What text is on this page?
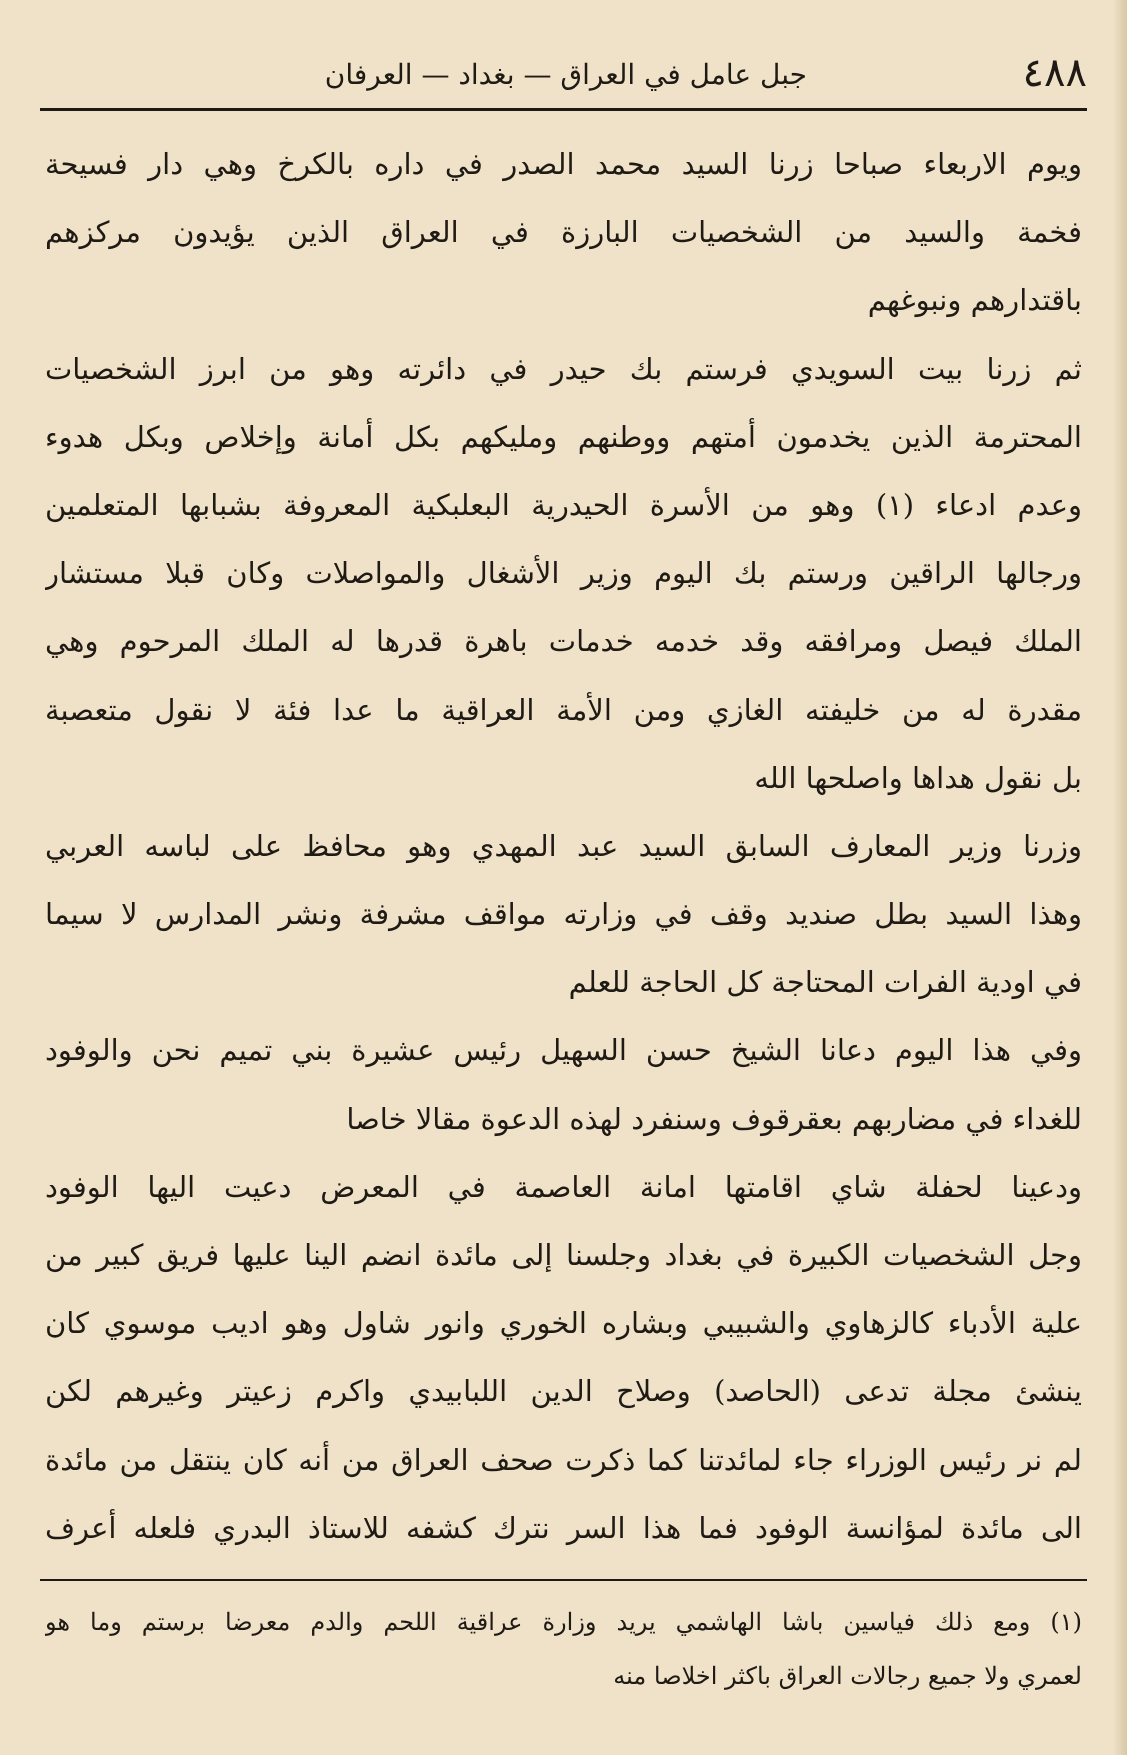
٤٨٨
جبل عامل في العراق — بغداد — العرفان
ويوم الاربعاء صباحا زرنا السيد محمد الصدر في داره بالكرخ وهي دار فسيحة
فخمة والسيد من الشخصيات البارزة في العراق الذين يؤيدون مركزهم
باقتدارهم ونبوغهم
ثم زرنا بيت السويدي فرستم بك حيدر في دائرته وهو من ابرز الشخصيات
المحترمة الذين يخدمون أمتهم ووطنهم ومليكهم بكل أمانة وإخلاص وبكل هدوء
وعدم ادعاء (١) وهو من الأسرة الحيدرية البعلبكية المعروفة بشبابها المتعلمين
ورجالها الراقين ورستم بك اليوم وزير الأشغال والمواصلات وكان قبلا مستشار
الملك فيصل ومرافقه وقد خدمه خدمات باهرة قدرها له الملك المرحوم وهي
مقدرة له من خليفته الغازي ومن الأمة العراقية ما عدا فئة لا نقول متعصبة
بل نقول هداها واصلحها الله
وزرنا وزير المعارف السابق السيد عبد المهدي وهو محافظ على لباسه العربي
وهذا السيد بطل صنديد وقف في وزارته مواقف مشرفة ونشر المدارس لا سيما
في اودية الفرات المحتاجة كل الحاجة للعلم
وفي هذا اليوم دعانا الشيخ حسن السهيل رئيس عشيرة بني تميم نحن والوفود
للغداء في مضاربهم بعقرقوف وسنفرد لهذه الدعوة مقالا خاصا
ودعينا لحفلة شاي اقامتها امانة العاصمة في المعرض دعيت اليها الوفود
وجل الشخصيات الكبيرة في بغداد وجلسنا إلى مائدة انضم الينا عليها فريق كبير من
علية الأدباء كالزهاوي والشبيبي وبشاره الخوري وانور شاول وهو اديب موسوي كان
ينشئ مجلة تدعى (الحاصد) وصلاح الدين اللبابيدي واكرم زعيتر وغيرهم لكن
لم نر رئيس الوزراء جاء لمائدتنا كما ذكرت صحف العراق من أنه كان ينتقل من مائدة
الى مائدة لمؤانسة الوفود فما هذا السر نترك كشفه للاستاذ البدري فلعله أعرف
(١) ومع ذلك فياسين باشا الهاشمي يريد وزارة عراقية اللحم والدم معرضا برستم وما هو
لعمري ولا جميع رجالات العراق باكثر اخلاصا منه
